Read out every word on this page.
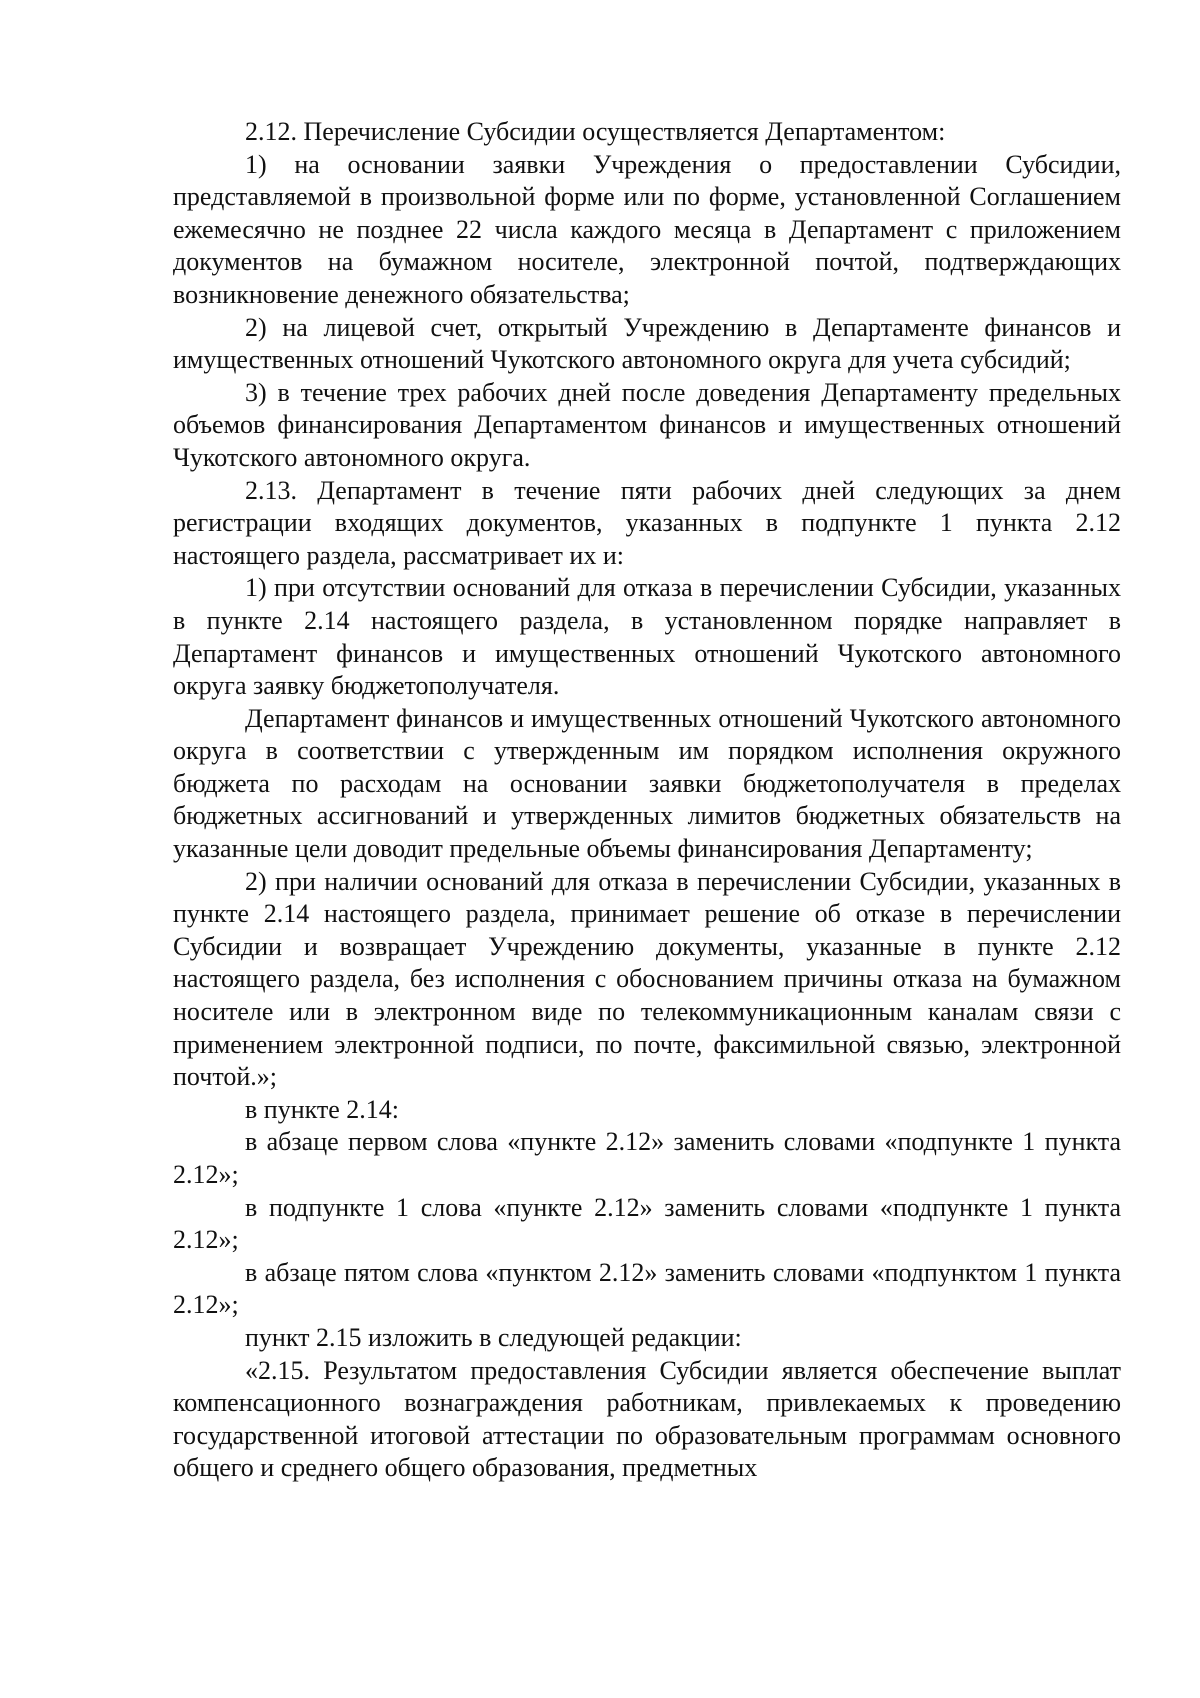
2.12. Перечисление Субсидии осуществляется Департаментом:

1) на основании заявки Учреждения о предоставлении Субсидии, представляемой в произвольной форме или по форме, установленной Соглашением ежемесячно не позднее 22 числа каждого месяца в Департамент с приложением документов на бумажном носителе, электронной почтой, подтверждающих возникновение денежного обязательства;

2) на лицевой счет, открытый Учреждению в Департаменте финансов и имущественных отношений Чукотского автономного округа для учета субсидий;

3) в течение трех рабочих дней после доведения Департаменту предельных объемов финансирования Департаментом финансов и имущественных отношений Чукотского автономного округа.

2.13. Департамент в течение пяти рабочих дней следующих за днем регистрации входящих документов, указанных в подпункте 1 пункта 2.12 настоящего раздела, рассматривает их и:

1) при отсутствии оснований для отказа в перечислении Субсидии, указанных в пункте 2.14 настоящего раздела, в установленном порядке направляет в Департамент финансов и имущественных отношений Чукотского автономного округа заявку бюджетополучателя.

Департамент финансов и имущественных отношений Чукотского автономного округа в соответствии с утвержденным им порядком исполнения окружного бюджета по расходам на основании заявки бюджетополучателя в пределах бюджетных ассигнований и утвержденных лимитов бюджетных обязательств на указанные цели доводит предельные объемы финансирования Департаменту;

2) при наличии оснований для отказа в перечислении Субсидии, указанных в пункте 2.14 настоящего раздела, принимает решение об отказе в перечислении Субсидии и возвращает Учреждению документы, указанные в пункте 2.12 настоящего раздела, без исполнения с обоснованием причины отказа на бумажном носителе или в электронном виде по телекоммуникационным каналам связи с применением электронной подписи, по почте, факсимильной связью, электронной почтой.»;

в пункте 2.14:

в абзаце первом слова «пункте 2.12» заменить словами «подпункте 1 пункта 2.12»;

в подпункте 1 слова «пункте 2.12» заменить словами «подпункте 1 пункта 2.12»;

в абзаце пятом слова «пунктом 2.12» заменить словами «подпунктом 1 пункта 2.12»;

пункт 2.15 изложить в следующей редакции:

«2.15. Результатом предоставления Субсидии является обеспечение выплат компенсационного вознаграждения работникам, привлекаемых к проведению государственной итоговой аттестации по образовательным программам основного общего и среднего общего образования, предметных
